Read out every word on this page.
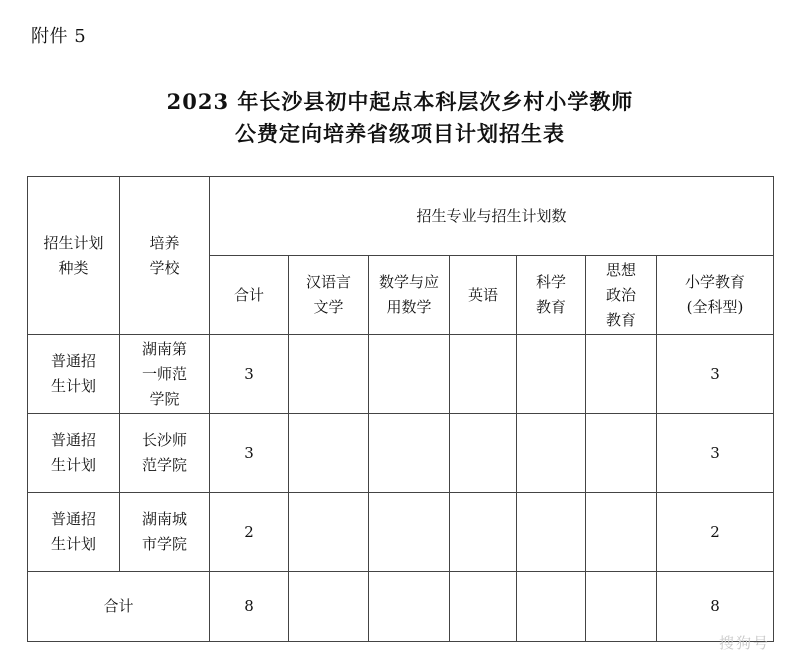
附件 5
2023 年长沙县初中起点本科层次乡村小学教师
公费定向培养省级项目计划招生表
招生计划种类	培养学校	招生专业与招生计划数						
		合计	汉语言文学	数学与应用数学	英语	科学教育	思想政治教育	小学教育(全科型)
普通招生计划	湖南第一师范学院	3						3
普通招生计划	长沙师范学院	3						3
普通招生计划	湖南城市学院	2						2
合计		8						8
搜狗号
